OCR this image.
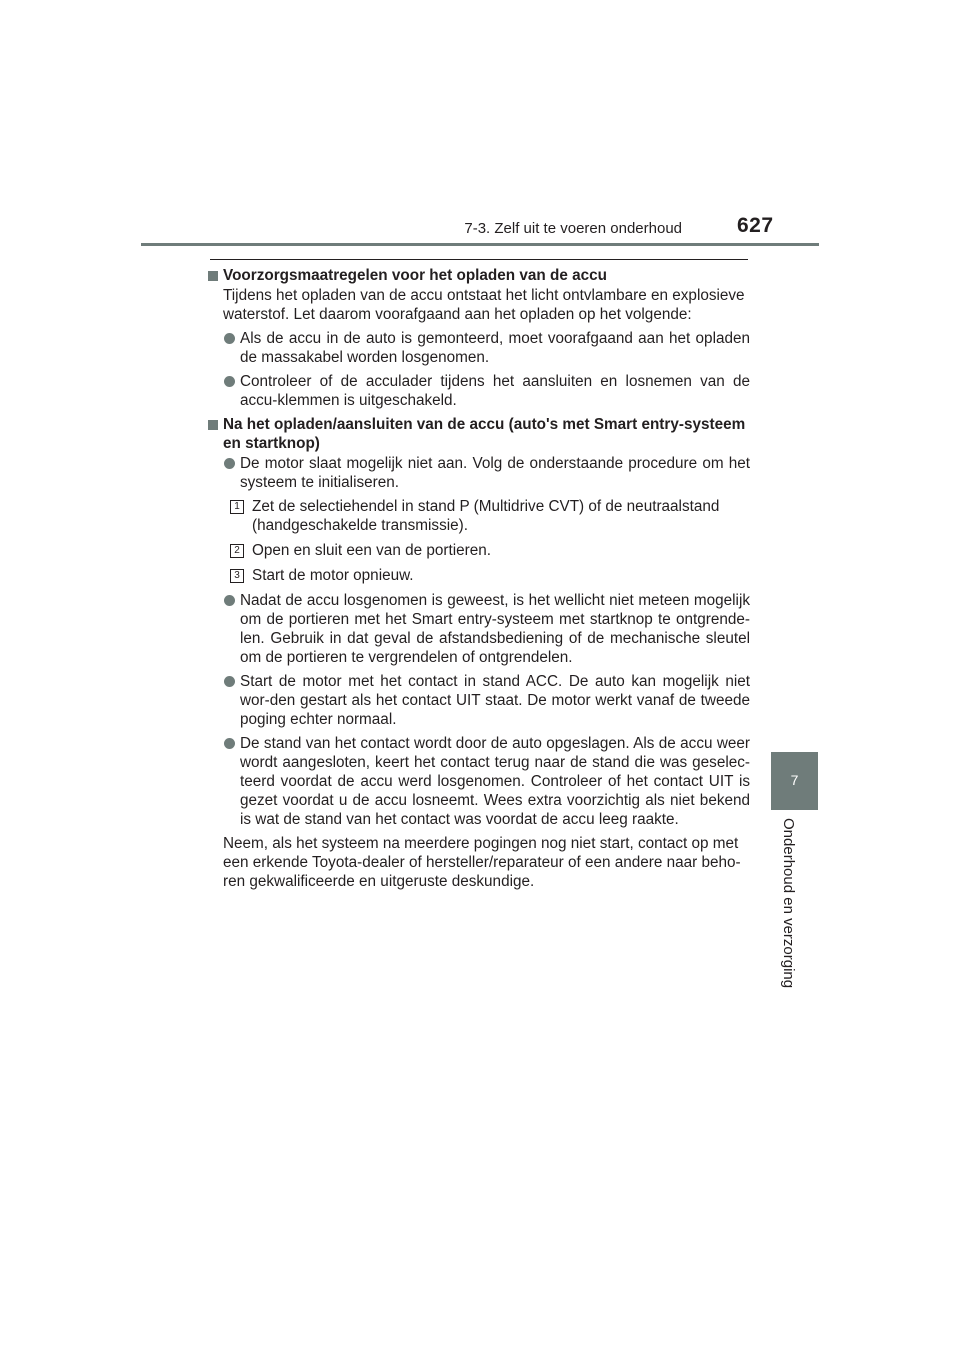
7-3. Zelf uit te voeren onderhoud	627
7
Onderhoud en verzorging
Voorzorgsmaatregelen voor het opladen van de accu
Tijdens het opladen van de accu ontstaat het licht ontvlambare en explosieve waterstof. Let daarom voorafgaand aan het opladen op het volgende:
Als de accu in de auto is gemonteerd, moet voorafgaand aan het opladen de massakabel worden losgenomen.
Controleer of de acculader tijdens het aansluiten en losnemen van de accu-klemmen is uitgeschakeld.
Na het opladen/aansluiten van de accu (auto's met Smart entry-systeem en startknop)
De motor slaat mogelijk niet aan. Volg de onderstaande procedure om het systeem te initialiseren.
1 Zet de selectiehendel in stand P (Multidrive CVT) of de neutraalstand (handgeschakelde transmissie).
2 Open en sluit een van de portieren.
3 Start de motor opnieuw.
Nadat de accu losgenomen is geweest, is het wellicht niet meteen mogelijk om de portieren met het Smart entry-systeem met startknop te ontgrende-len. Gebruik in dat geval de afstandsbediening of de mechanische sleutel om de portieren te vergrendelen of ontgrendelen.
Start de motor met het contact in stand ACC. De auto kan mogelijk niet wor-den gestart als het contact UIT staat. De motor werkt vanaf de tweede poging echter normaal.
De stand van het contact wordt door de auto opgeslagen. Als de accu weer wordt aangesloten, keert het contact terug naar de stand die was geselec-teerd voordat de accu werd losgenomen. Controleer of het contact UIT is gezet voordat u de accu losneemt. Wees extra voorzichtig als niet bekend is wat de stand van het contact was voordat de accu leeg raakte.
Neem, als het systeem na meerdere pogingen nog niet start, contact op met een erkende Toyota-dealer of hersteller/reparateur of een andere naar beho-ren gekwalificeerde en uitgeruste deskundige.
